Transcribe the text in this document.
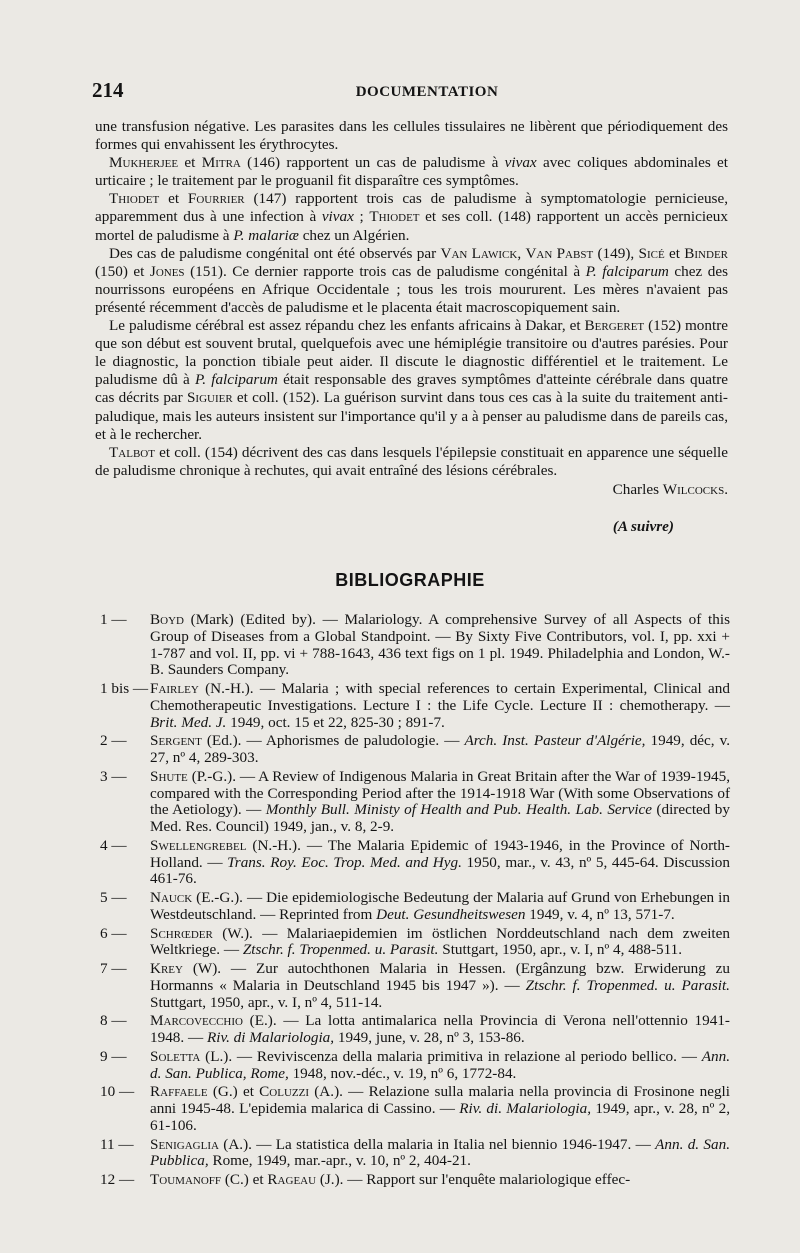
214	DOCUMENTATION

une transfusion négative. Les parasites dans les cellules tissulaires ne libèrent que périodiquement des formes qui envahissent les érythrocytes.

Mukherjee et Mitra (146) rapportent un cas de paludisme à vivax avec coliques abdominales et urticaire ; le traitement par le proguanil fit disparaître ces symptômes.

Thiodet et Fourrier (147) rapportent trois cas de paludisme à symptomatologie pernicieuse, apparemment dus à une infection à vivax ; Thiodet et ses coll. (148) rapportent un accès pernicieux mortel de paludisme à P. malariæ chez un Algérien.

Des cas de paludisme congénital ont été observés par Van Lawick, Van Pabst (149), Sicé et Binder (150) et Jones (151). Ce dernier rapporte trois cas de paludisme congénital à P. falciparum chez des nourrissons européens en Afrique Occidentale ; tous les trois moururent. Les mères n'avaient pas présenté récemment d'accès de paludisme et le placenta était macroscopiquement sain.

Le paludisme cérébral est assez répandu chez les enfants africains à Dakar, et Bergeret (152) montre que son début est souvent brutal, quelquefois avec une hémiplégie transitoire ou d'autres parésies. Pour le diagnostic, la ponction tibiale peut aider. Il discute le diagnostic différentiel et le traitement. Le paludisme dû à P. falciparum était responsable des graves symptômes d'atteinte cérébrale dans quatre cas décrits par Siguier et coll. (152). La guérison survint dans tous ces cas à la suite du traitement anti-paludique, mais les auteurs insistent sur l'importance qu'il y a à penser au paludisme dans de pareils cas, et à le rechercher.

Talbot et coll. (154) décrivent des cas dans lesquels l'épilepsie constituait en apparence une séquelle de paludisme chronique à rechutes, qui avait entraîné des lésions cérébrales.

Charles Wilcocks.
(A suivre)
BIBLIOGRAPHIE
1 —	Boyd (Mark) (Edited by). — Malariology. A comprehensive Survey of all Aspects of this Group of Diseases from a Global Standpoint. — By Sixty Five Contributors, vol. I, pp. xxi + 1-787 and vol. II, pp. vi + 788-1643, 436 text figs on 1 pl. 1949. Philadelphia and London, W.-B. Saunders Company.
1 bis — Fairley (N.-H.). — Malaria ; with special references to certain Experimental, Clinical and Chemotherapeutic Investigations. Lecture I : the Life Cycle. Lecture II : chemotherapy. — Brit. Med. J. 1949, oct. 15 et 22, 825-30 ; 891-7.
2 —	Sergent (Ed.). — Aphorismes de paludologie. — Arch. Inst. Pasteur d'Algérie, 1949, déc, v. 27, nº 4, 289-303.
3 —	Shute (P.-G.). — A Review of Indigenous Malaria in Great Britain after the War of 1939-1945, compared with the Corresponding Period after the 1914-1918 War (With some Observations of the Aetiology). — Monthly Bull. Ministy of Health and Pub. Health. Lab. Service (directed by Med. Res. Council) 1949, jan., v. 8, 2-9.
4 —	Swellengrebel (N.-H.). — The Malaria Epidemic of 1943-1946, in the Province of North-Holland. — Trans. Roy. Eoc. Trop. Med. and Hyg. 1950, mar., v. 43, nº 5, 445-64. Discussion 461-76.
5 —	Nauck (E.-G.). — Die epidemiologische Bedeutung der Malaria auf Grund von Erhebungen in Westdeutschland. — Reprinted from Deut. Gesundheitswesen 1949, v. 4, nº 13, 571-7.
6 —	Schrœder (W.). — Malariaepidemien im östlichen Norddeutschland nach dem zweiten Weltkriege. — Ztschr. f. Tropenmed. u. Parasit. Stuttgart, 1950, apr., v. I, nº 4, 488-511.
7 —	Krey (W). — Zur autochthonen Malaria in Hessen. (Ergânzung bzw. Erwiderung zu Hormanns « Malaria in Deutschland 1945 bis 1947 »). — Ztschr. f. Tropenmed. u. Parasit. Stuttgart, 1950, apr., v. I, nº 4, 511-14.
8 —	Marcovecchio (E.). — La lotta antimalarica nella Provincia di Verona nell'ottennio 1941-1948. — Riv. di Malariologia, 1949, june, v. 28, nº 3, 153-86.
9 —	Soletta (L.). — Reviviscenza della malaria primitiva in relazione al periodo bellico. — Ann. d. San. Publica, Rome, 1948, nov.-déc., v. 19, nº 6, 1772-84.
10 —	Raffaele (G.) et Coluzzi (A.). — Relazione sulla malaria nella provincia di Frosinone negli anni 1945-48. L'epidemia malarica di Cassino. — Riv. di. Malariologia, 1949, apr., v. 28, nº 2, 61-106.
11 —	Senigaglia (A.). — La statistica della malaria in Italia nel biennio 1946-1947. — Ann. d. San. Pubblica, Rome, 1949, mar.-apr., v. 10, nº 2, 404-21.
12 —	Toumanoff (C.) et Rageau (J.). — Rapport sur l'enquête malariologique effec-
